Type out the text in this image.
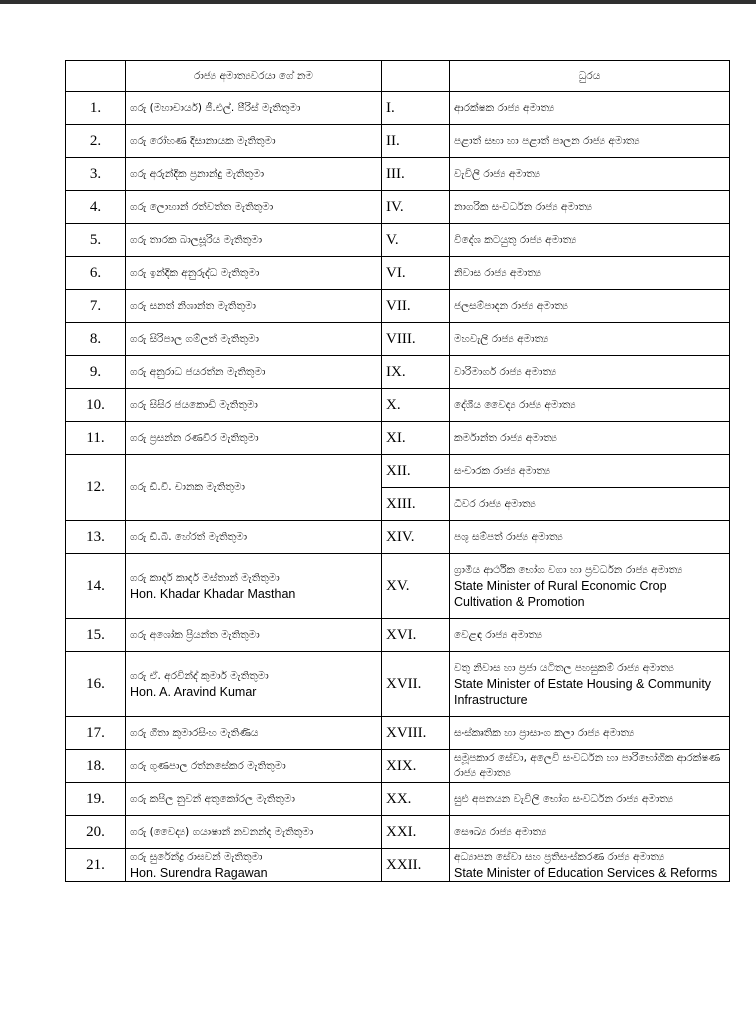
	රාජ්‍ය අමාත්‍යවරයා ගේ නම		ධුරය
1.	ගරු (මහාචාර්ය) ජී.එල්. පීරිස් මැතිතුමා	I.	ආරක්ෂක රාජ්‍ය අමාත්‍ය

2.	ගරු රෝහණ දිසානායක මැතිතුමා	II.	පළාත් සභා හා පළාත් පාලන රාජ්‍ය අමාත්‍ය

3.	ගරු අරුන්දික ප්‍රනාන්දු මැතිතුමා	III.	වැවිලි රාජ්‍ය අමාත්‍ය

4.	ගරු ලොහාන් රත්වත්ත මැතිතුමා	IV.	නාගරික සංවර්ධන රාජ්‍ය අමාත්‍ය

5.	ගරු තාරක බාලසූරිය මැතිතුමා	V.	විදේශ කටයුතු රාජ්‍ය අමාත්‍ය

6.	ගරු ඉන්දික අනුරුද්ධ මැතිතුමා	VI.	නිවාස රාජ්‍ය අමාත්‍ය

7.	ගරු සනත් නිශාන්ත මැතිතුමා	VII.	ජලසම්පාදන රාජ්‍ය අමාත්‍ය

8.	ගරු සිරිපාල ගම්ලත් මැතිතුමා	VIII.	මහවැලි රාජ්‍ය අමාත්‍ය

9.	ගරු අනුරාධ ජයරත්න මැතිතුමා	IX.	වාරිමාර්ග රාජ්‍ය අමාත්‍ය

10.	ගරු සිසිර ජයකොඩි මැතිතුමා	X.	දේශීය වෛද්‍ය රාජ්‍ය අමාත්‍ය

11.	ගරු ප්‍රසන්න රණවීර මැතිතුමා	XI.	කර්මාන්ත රාජ්‍ය අමාත්‍ය

12.	ගරු ඩී.වී. චානක මැතිතුමා	XII.	සංචාරක රාජ්‍ය අමාත්‍ය

		XIII.	ධීවර රාජ්‍ය අමාත්‍ය
13.	ගරු ඩී.බී. හේරත් මැතිතුමා	XIV.	පශු සම්පත් රාජ්‍ය අමාත්‍ය

14.	ගරු කාදර් කාදර් මස්තාන් මැතිතුමා
Hon. Khadar Khadar Masthan	XV.	ග්‍රාමීය ආර්ථික භෝග වගා හා ප්‍රවර්ධන රාජ්‍ය අමාත්‍ය
State Minister of Rural Economic Crop Cultivation & Promotion

15.	ගරු අශෝක ප්‍රියන්ත මැතිතුමා	XVI.	වෙළඳ රාජ්‍ය අමාත්‍ය

16.	ගරු ඒ. අරවින්ද් කුමාර් මැතිතුමා
Hon. A. Aravind Kumar	XVII.	වතු නිවාස හා ප්‍රජා යටිතල පහසුකම් රාජ්‍ය අමාත්‍ය
State Minister of Estate Housing & Community Infrastructure

17.	ගරු ගීතා කුමාරසිංහ මැතිණිය	XVIII.	සංස්කෘතික හා ප්‍රාසාංග කලා රාජ්‍ය අමාත්‍ය

18.	ගරු ගුණපාල රත්නසේකර මැතිතුමා	XIX.	සමූපකාර සේවා, අලෙවි සංවර්ධන හා පාරිභෝගික ආරක්ෂණ රාජ්‍ය අමාත්‍ය

19.	ගරු කපිල නුවන් අතුකෝරල මැතිතුමා	XX.	සුළු අපනයන වැවිලි භෝග සංවර්ධන රාජ්‍ය අමාත්‍ය

20.	ගරු (වෛද්‍ය) ගයාෂාන් නවනන්ද මැතිතුමා	XXI.	සෞඛ්‍ය රාජ්‍ය අමාත්‍ය

21.	ගරු සුරේන්ද්‍ර රාඝවන් මැතිතුමා
Hon. Surendra Ragawan	XXII.	අධ්‍යාපන සේවා සහ ප්‍රතිසංස්කරණ රාජ්‍ය අමාත්‍ය
State Minister of Education Services & Reforms
